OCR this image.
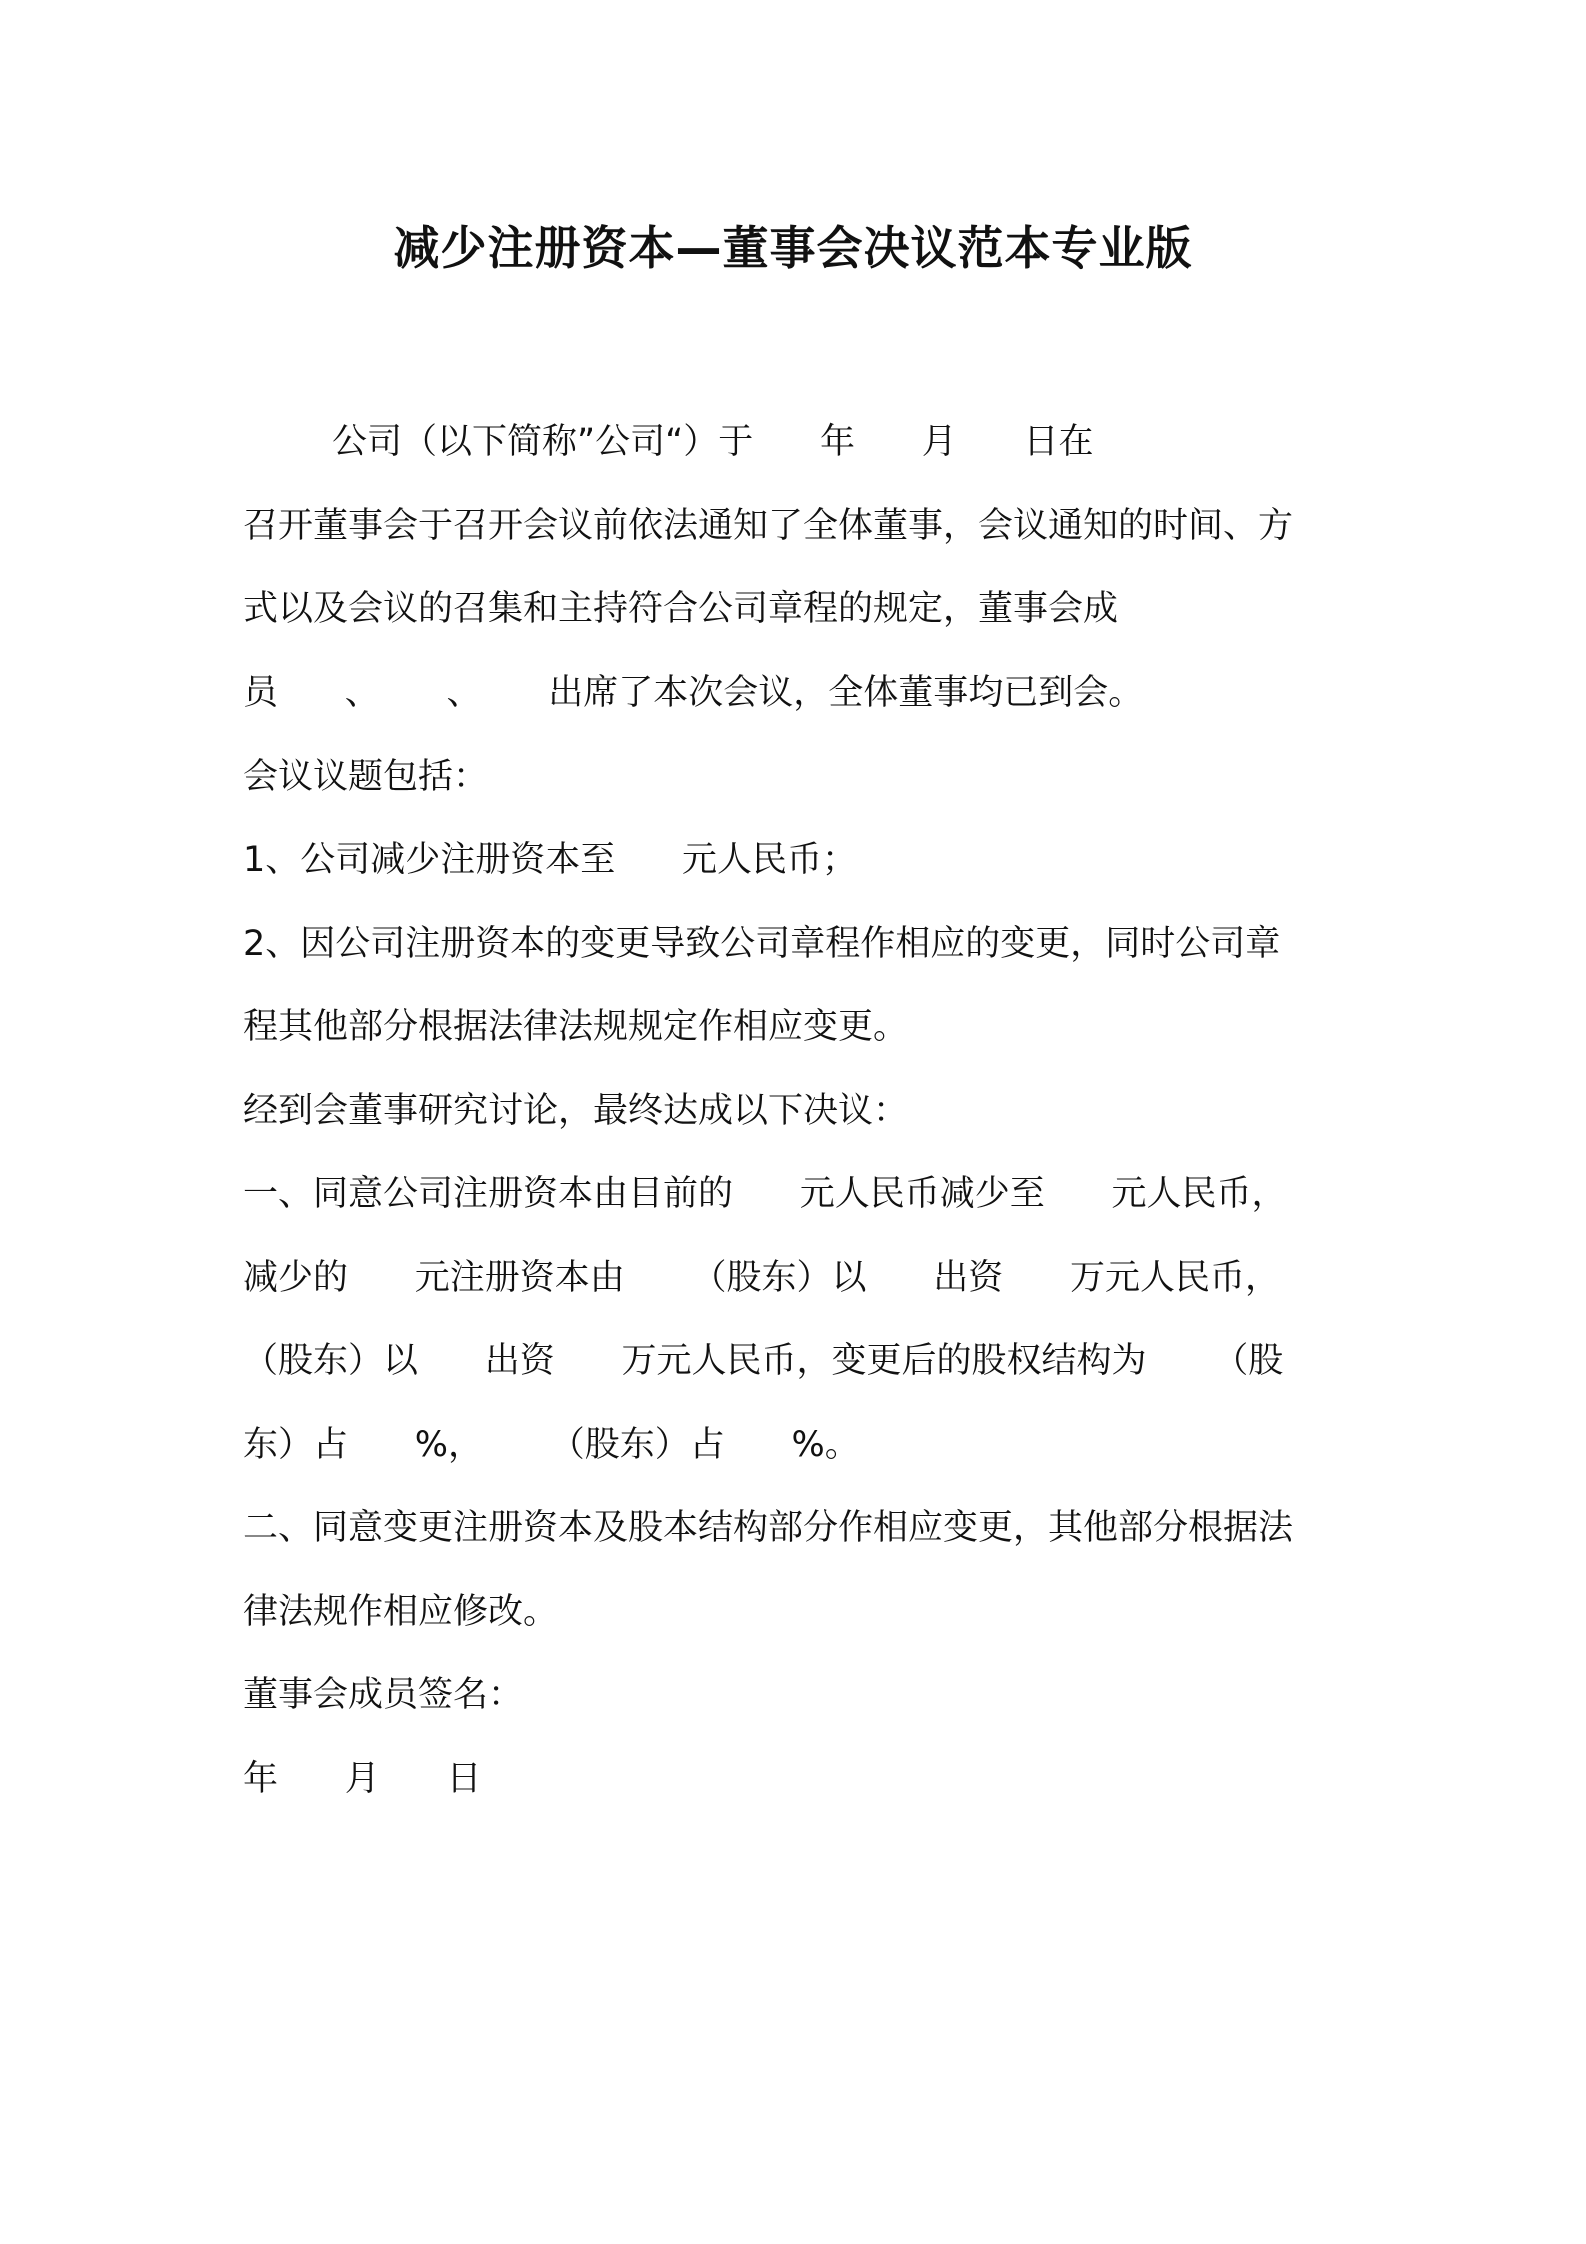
减少注册资本—董事会决议范本专业版

公司（以下简称”公司“）于      年      月      日在

召开董事会于召开会议前依法通知了全体董事，会议通知的时间、方

式以及会议的召集和主持符合公司章程的规定，董事会成

员      、      、      出席了本次会议，全体董事均已到会。

会议议题包括：

1、公司减少注册资本至      元人民币；

2、因公司注册资本的变更导致公司章程作相应的变更，同时公司章

程其他部分根据法律法规规定作相应变更。

经到会董事研究讨论，最终达成以下决议：

一、同意公司注册资本由目前的      元人民币减少至      元人民币，

减少的      元注册资本由      （股东）以      出资      万元人民币，

（股东）以      出资      万元人民币，变更后的股权结构为      （股

东）占      %，      （股东）占      %。

二、同意变更注册资本及股本结构部分作相应变更，其他部分根据法

律法规作相应修改。

董事会成员签名：

年      月      日
